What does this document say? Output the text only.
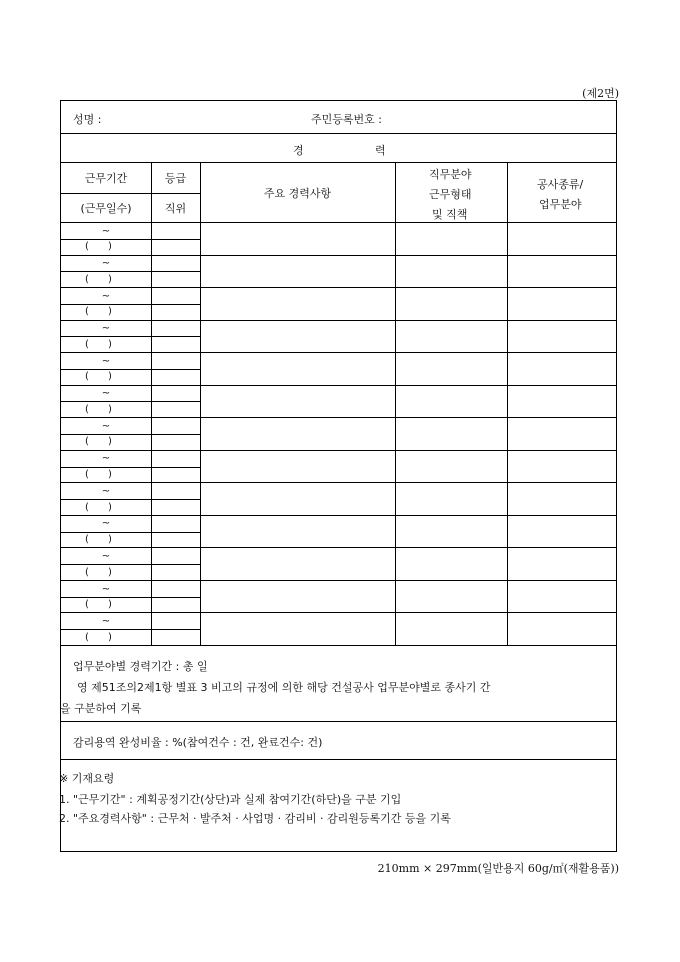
(제2면)
성명 :	주민등록번호 :
경	력
근무기간
(근무일수)
등급
직위
주요 경력사항
직무분야
근무형태
및 직책
공사종류/
업무분야
~
(      )
~
(      )
~
(      )
~
(      )
~
(      )
~
(      )
~
(      )
~
(      )
~
(      )
~
(      )
~
(      )
~
(      )
~
(      )
업무분야별 경력기간 : 총 일
영 제51조의2제1항 별표 3 비고의 규정에 의한 해당 건설공사 업무분야별로 종사기 간
을 구분하여 기록
감리용역 완성비율 : %(참여건수 : 건, 완료건수: 건)
※ 기재요령
1. "근무기간" : 계획공정기간(상단)과 실제 참여기간(하단)을 구분 기입
2. "주요경력사항" : 근무처 · 발주처 · 사업명 · 감리비 · 감리원등록기간 등을 기록
210mm × 297mm(일반용지 60g/㎡(재활용품))
